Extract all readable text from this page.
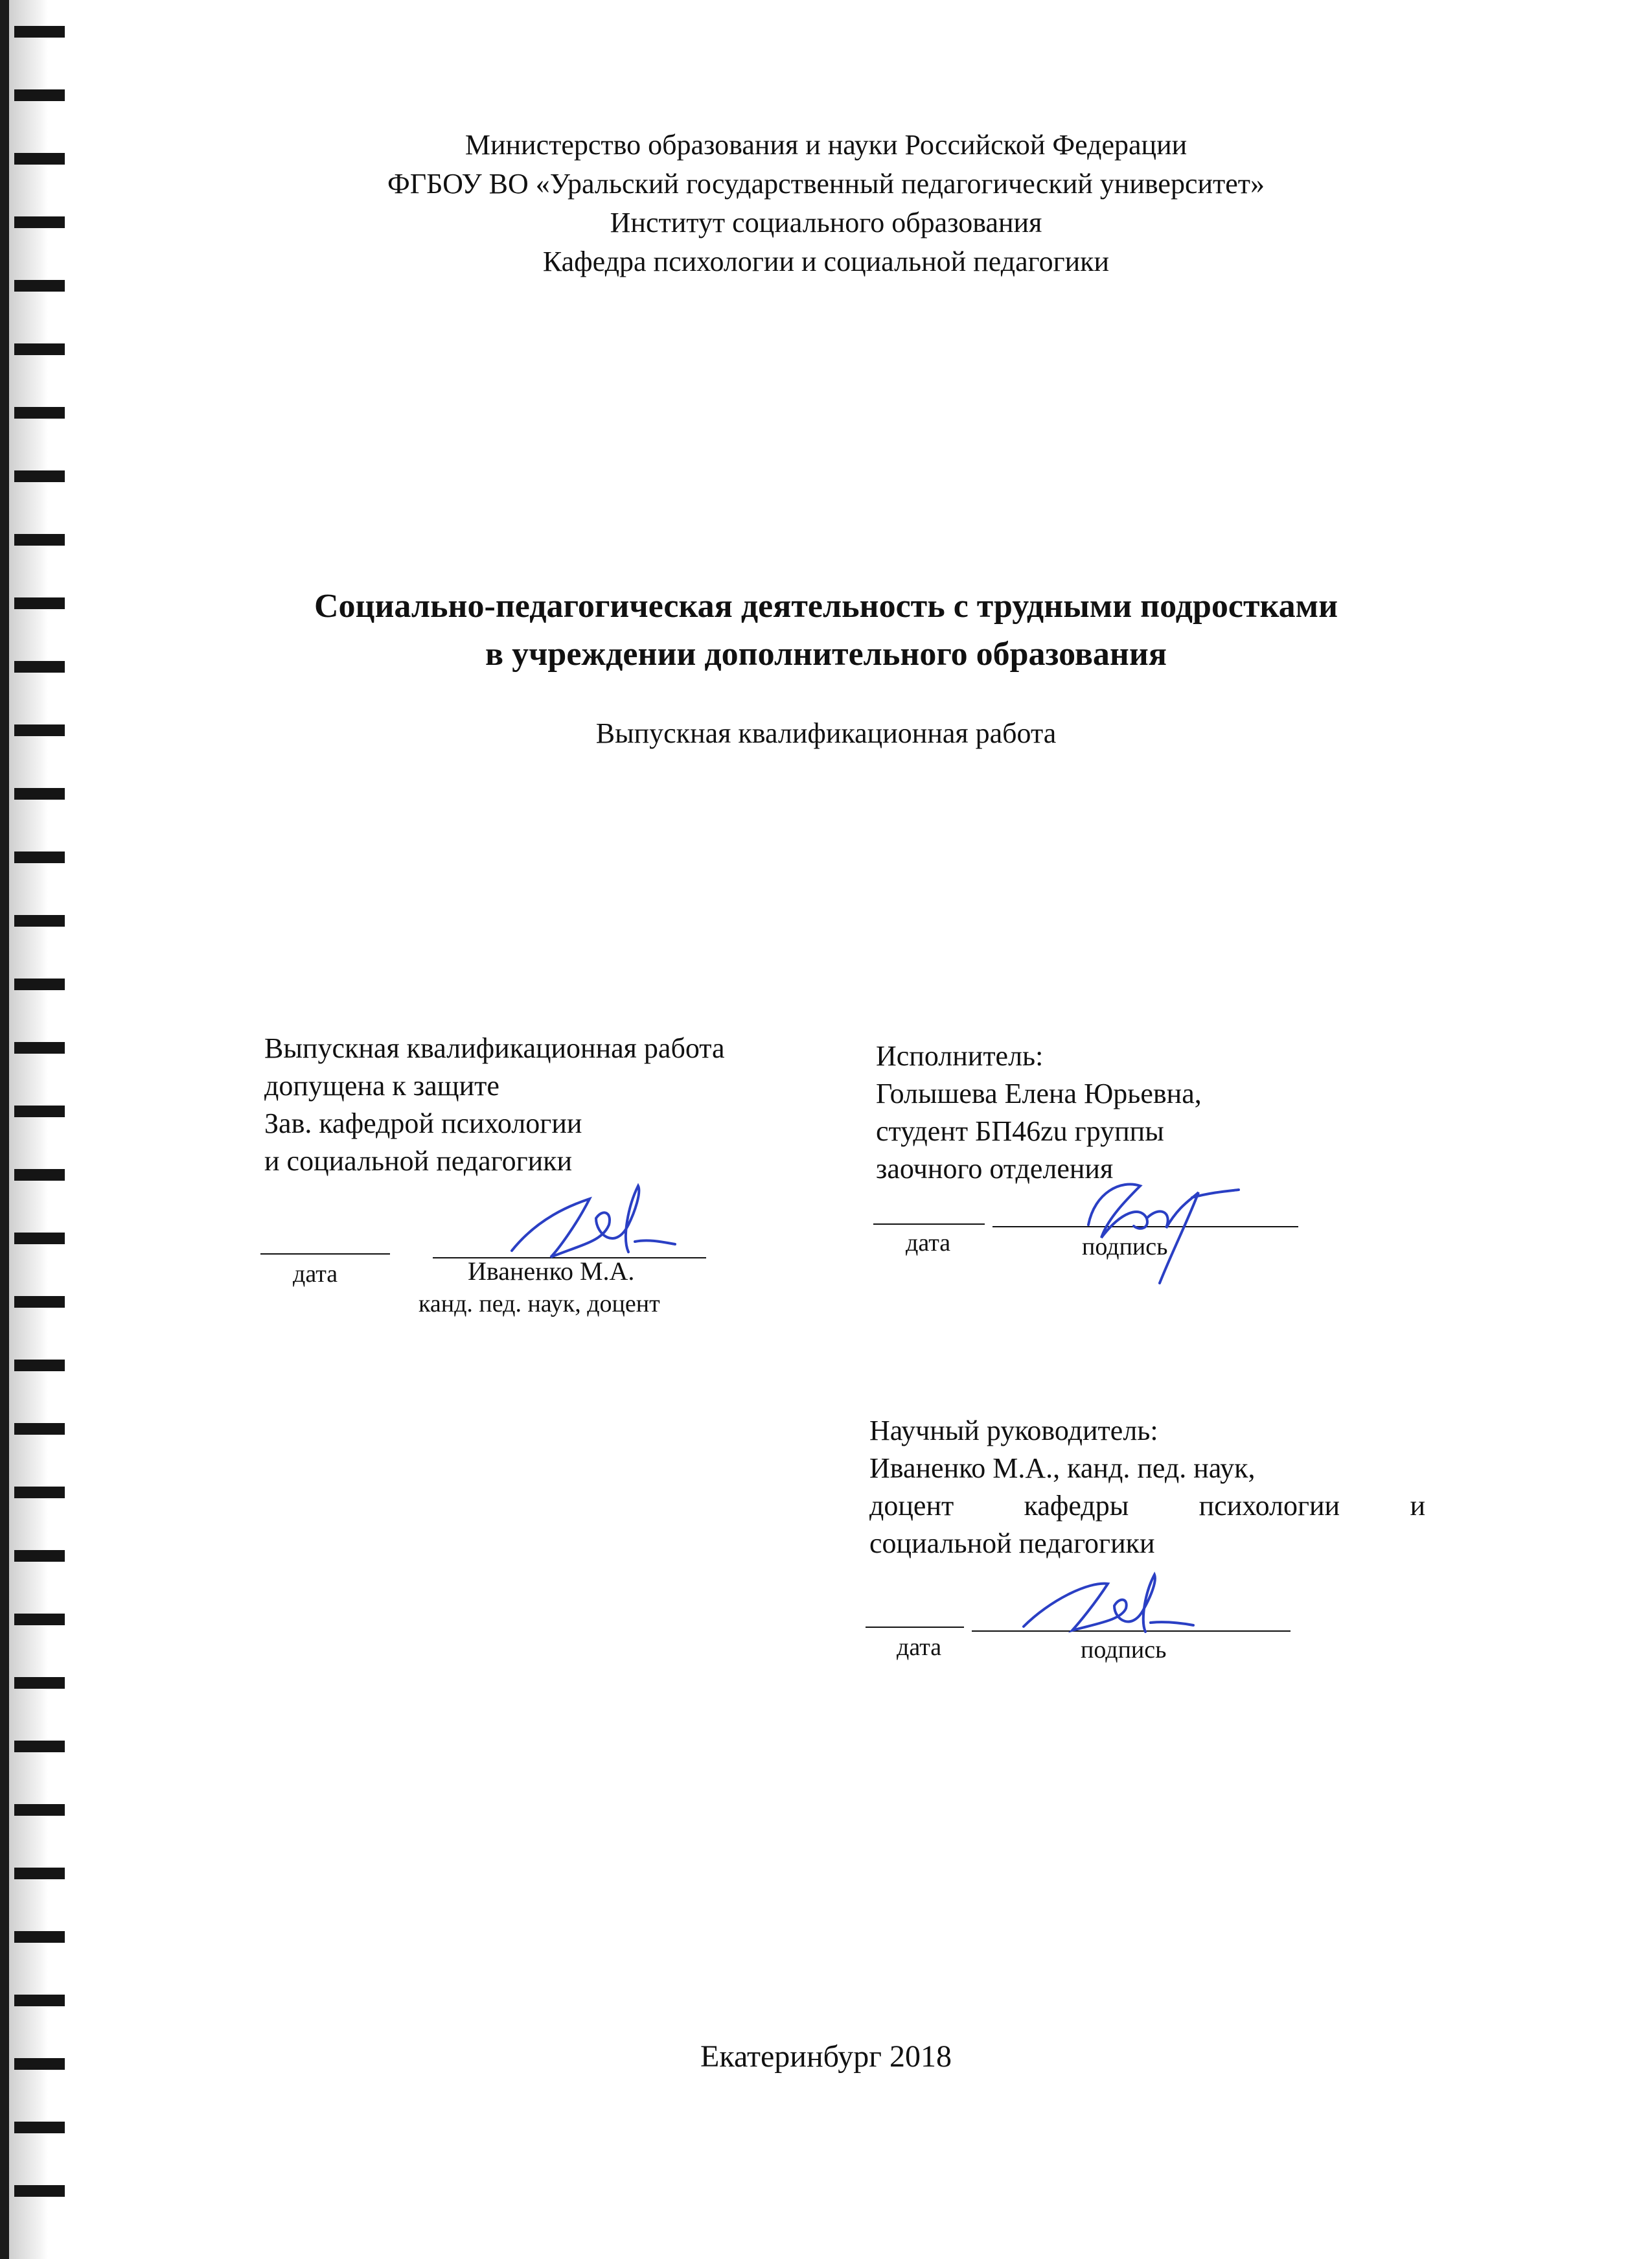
Министерство образования и науки Российской Федерации
ФГБОУ ВО «Уральский государственный педагогический университет»
Институт социального образования
Кафедра психологии и социальной педагогики
Социально-педагогическая деятельность с трудными подростками
в учреждении дополнительного образования
Выпускная квалификационная работа
Выпускная квалификационная работа
допущена к защите
Зав. кафедрой психологии
и социальной педагогики
дата	Иваненко М.А.
канд. пед. наук, доцент
Исполнитель:
Голышева Елена Юрьевна,
студент БП46zu группы
заочного отделения
дата	подпись
Научный руководитель:
Иваненко М.А., канд. пед. наук,
доцент кафедры психологии и
социальной педагогики
дата	подпись
Екатеринбург 2018
